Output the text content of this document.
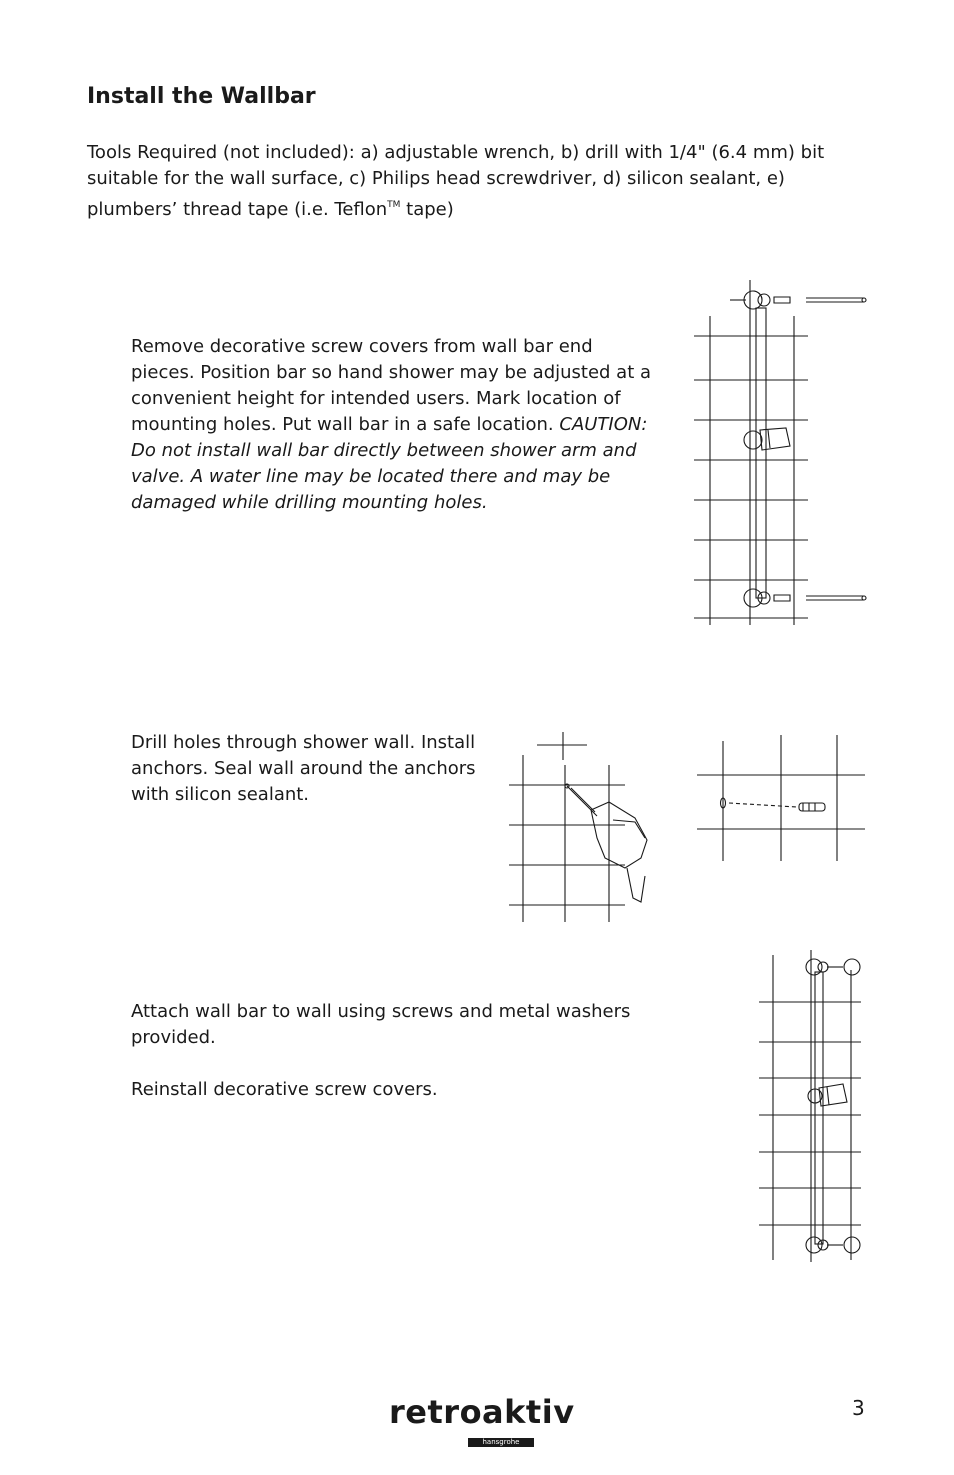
Install the Wallbar
Tools Required (not included): a) adjustable wrench, b) drill with 1/4" (6.4 mm) bit suitable for the wall surface, c) Philips head screwdriver, d) silicon sealant, e) plumbers’ thread tape (i.e. Teflon™ tape)
Remove decorative screw covers from wall bar end pieces. Position bar so hand shower may be adjusted at a convenient height for intended users. Mark location of mounting holes. Put wall bar in a safe location. CAUTION: Do not install wall bar directly between shower arm and valve. A water line may be located there and may be damaged while drilling mounting holes.
Drill holes through shower wall. Install anchors. Seal wall around the anchors with silicon sealant.

Attach wall bar to wall using screws and metal washers provided.

Reinstall decorative screw covers.

retroaktiv
hansgrohe
3
